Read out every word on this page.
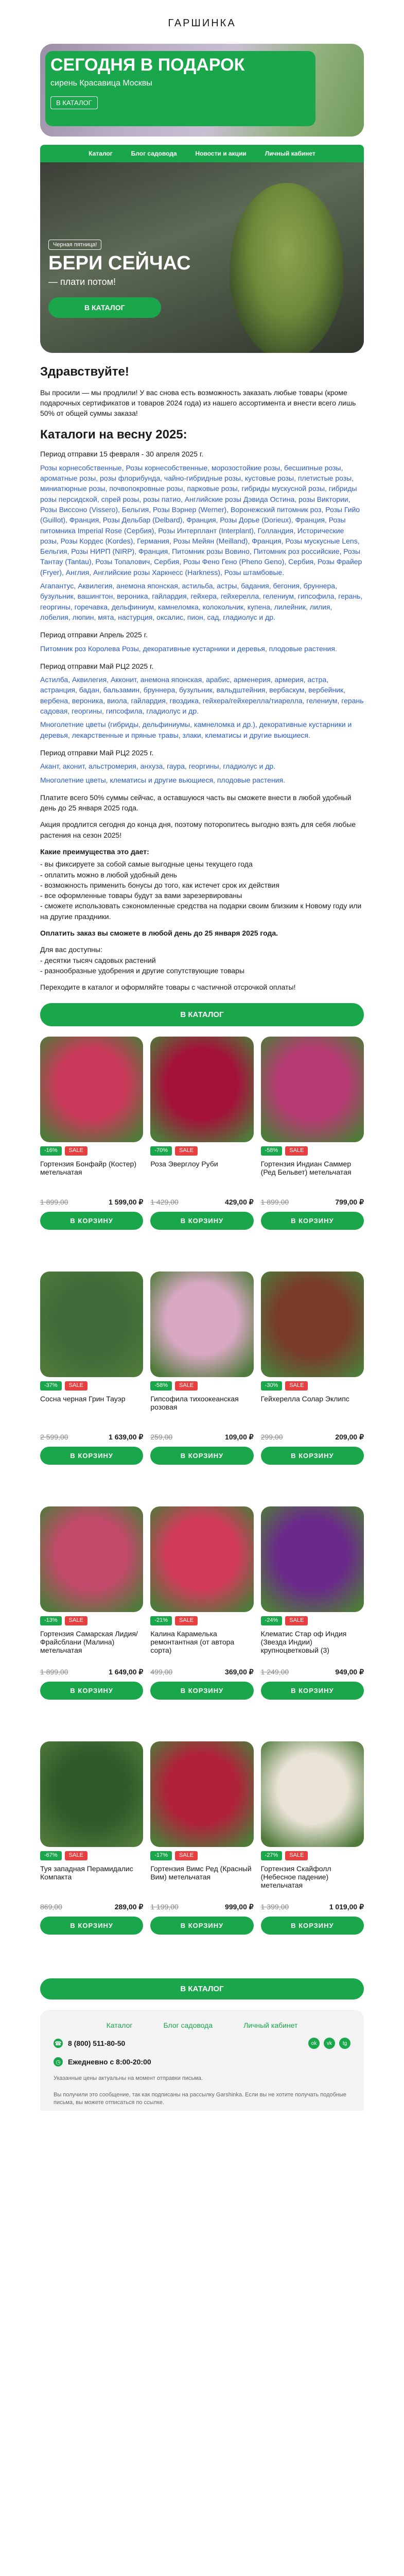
ГАРШИНКА
СЕГОДНЯ В ПОДАРОК
сирень Красавица Москвы
В КАТАЛОГ
Каталог	Блог садовода	Новости и акции	Личный кабинет
Черная пятница!
БЕРИ СЕЙЧАС
— плати потом!
В КАТАЛОГ
Здравствуйте!

Вы просили — мы продлили! У вас снова есть возможность заказать любые товары (кроме подарочных сертификатов и товаров 2024 года) из нашего ассортимента и внести всего лишь 50% от общей суммы заказа!

Каталоги на весну 2025:
Период отправки 15 февраля - 30 апреля 2025 г.
Розы корнесобственные, Розы корнесобственные, морозостойкие розы, бесшипные розы, ароматные розы, розы флорибунда, чайно-гибридные розы, кустовые розы, плетистые розы, миниатюрные розы, почвопокровные розы, парковые розы, гибриды мускусной розы, гибриды розы персидской, спрей розы, розы патио, Английские розы Дэвида Остина, розы Виктории, Розы Виссоно (Vissero), Бельгия, Розы Вэрнер (Werner), Воронежский питомник роз, Розы Гийо (Guillot), Франция, Розы Дельбар (Delbard), Франция, Розы Дорье (Dorieux), Франция, Розы питомника Imperial Rose (Сербия), Розы Интерплант (Interplant), Голландия, Исторические розы, Розы Кордес (Kordes), Германия, Розы Мейян (Meilland), Франция, Розы мускусные Lens, Бельгия, Розы НИРП (NIRP), Франция, Питомник розы Вовино, Питомник роз российские, Розы Тантау (Tantau), Розы Топалович, Сербия, Розы Фено Гено (Pheno Geno), Сербия, Розы Фрайер (Fryer), Англия, Английские розы Харкнесс (Harkness), Розы штамбовые.
Агапантус, Аквилегия, анемона японская, астильба, астры, бадания, бегония, бруннера, бузульник, вашингтон, вероника, гайлардия, гейхера, гейхерелла, гелениум, гипсофила, герань, георгины, горечавка, дельфиниум, камнеломка, колокольчик, купена, лилейник, лилия, лобелия, люпин, мята, настурция, оксалис, пион, сад, гладиолус и др.
Период отправки Апрель 2025 г.
Питомник роз Королева Розы, декоративные кустарники и деревья, плодовые растения.
Период отправки Май РЦ2 2025 г.
Астилба, Аквилегия, Акконит, анемона японская, арабис, арменерия, армерия, астра, астранция, бадан, бальзамин, бруннера, бузульник, вальдштейния, вербаскум, вербейник, вербена, вероника, виола, гайлардия, гвоздика, гейхера/гейхерелла/тиарелла, гелениум, герань садовая, георгины, гипсофила, гладиолус и др.
Многолетние цветы (гибриды, дельфиниумы, камнеломка и др.), декоративные кустарники и деревья, лекарственные и пряные травы, злаки, клематисы и другие вьющиеся.
Период отправки Май РЦ2 2025 г.
Акант, аконит, альстромерия, анхуза, гаура, георгины, гладиолус и др.
Многолетние цветы, клематисы и другие вьющиеся, плодовые растения.

Платите всего 50% суммы сейчас, а оставшуюся часть вы сможете внести в любой удобный день до 25 января 2025 года.

Акция продлится сегодня до конца дня, поэтому поторопитесь выгодно взять для себя любые растения на сезон 2025!

Какие преимущества это дает:

- вы фиксируете за собой самые выгодные цены текущего года
- оплатить можно в любой удобный день
- возможность применить бонусы до того, как истечет срок их действия
- все оформленные товары будут за вами зарезервированы
- сможете использовать сэкономленные средства на подарки своим близким к Новому году или на другие праздники.

Оплатить заказ вы сможете в любой день до 25 января 2025 года.

Для вас доступны:
- десятки тысяч садовых растений
- разнообразные удобрения и другие сопутствующие товары

Переходите в каталог и оформляйте товары с частичной отсрочкой оплаты!

В КАТАЛОГ
-16%	SALE
Гортензия Бонфайр (Костер) метельчатая
1 899,00	1 599,00 ₽
В КОРЗИНУ
-70%	SALE
Роза Эверглоу Руби
1 429,00	429,00 ₽
В КОРЗИНУ
-58%	SALE
Гортензия Индиан Саммер (Ред Бельвет) метельчатая
1 899,00	799,00 ₽
В КОРЗИНУ
-37%	SALE
Сосна черная Грин Тауэр
2 599,00	1 639,00 ₽
В КОРЗИНУ
-58%	SALE
Гипсофила тихоокеанская розовая
259,00	109,00 ₽
В КОРЗИНУ
-30%	SALE
Гейхерелла Солар Эклипс
299,00	209,00 ₽
В КОРЗИНУ
-13%	SALE
Гортензия Самарская Лидия/Фрайсблани (Малина) метельчатая
1 899,00	1 649,00 ₽
В КОРЗИНУ
-21%	SALE
Калина Карамелька ремонтантная (от автора сорта)
499,00	369,00 ₽
В КОРЗИНУ
-24%	SALE
Клематис Стар оф Индия (Звезда Индии) крупноцветковый (3)
1 249,00	949,00 ₽
В КОРЗИНУ
-67%	SALE
Туя западная Перамидалис Компакта
869,00	289,00 ₽
В КОРЗИНУ
-17%	SALE
Гортензия Вимс Ред (Красный Вим) метельчатая
1 199,00	999,00 ₽
В КОРЗИНУ
-27%	SALE
Гортензия Скайфолл (Небесное падение) метельчатая
1 399,00	1 019,00 ₽
В КОРЗИНУ
В КАТАЛОГ
Каталог	Блог садовода	Личный кабинет
☎ 8 (800) 511-80-50	ok	vk	tg
◷	Ежедневно с 8:00-20:00
Указанные цены актуальны на момент отправки письма.
Вы получили это сообщение, так как подписаны на рассылку Garshinka. Если вы не хотите получать подобные письма, вы можете отписаться по ссылке.
